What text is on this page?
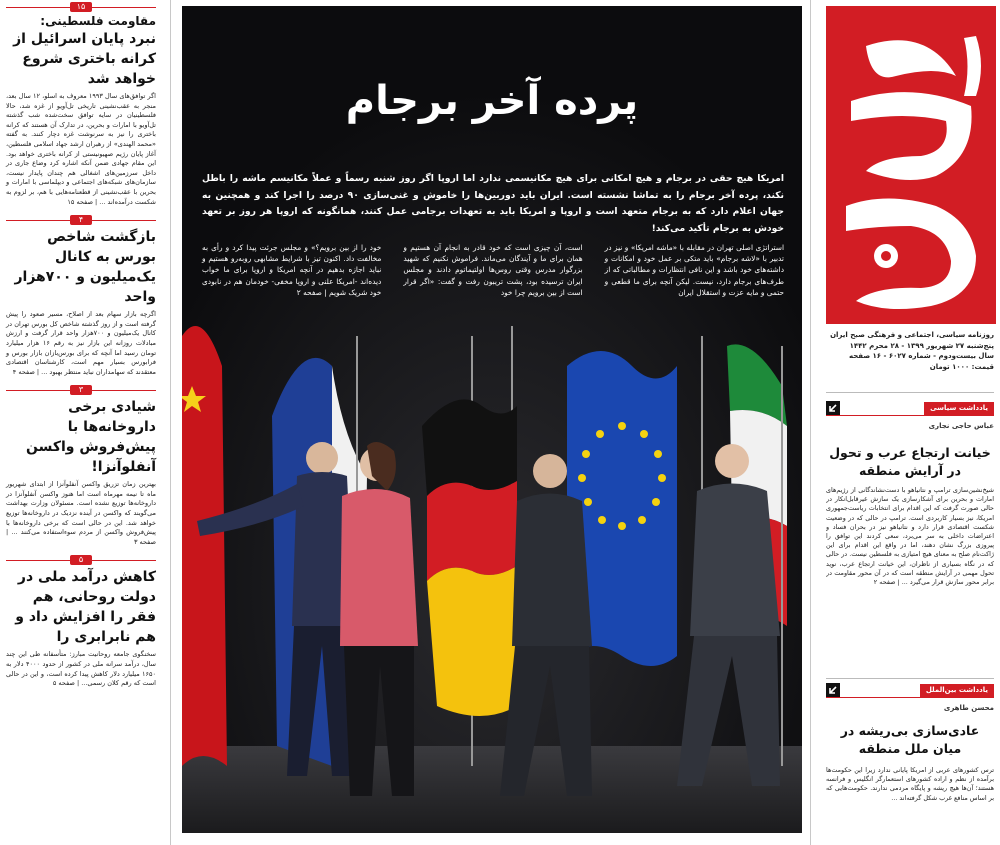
۱۵
مقاومت فلسطینی:
نبرد پایان اسرائیل از کرانه باختری شروع خواهد شد
اگر توافق‌های سال ۱۹۹۳ معروف به اسلو، ۱۲ سال بعد، منجر به عقب‌نشینی تاریخی تل‌آویو از غزه شد، حالا فلسطینیان در سایه توافق سخت‌شده شب گذشته تل‌آویو با امارات و بحرین، در تدارک آن هستند که کرانه باختری را نیز به سرنوشت غزه دچار کنند. به گفته «محمد الهندی» از رهبران ارشد جهاد اسلامی فلسطین، آغاز پایان رژیم صهیونیستی از کرانه باختری خواهد بود. این مقام جهادی ضمن آنکه اشاره کرد وضاع جاری در داخل سرزمین‌های اشغالی هم چندان پایدار نیست، سازمان‌های شبکه‌های اجتماعی و دیپلماسی با امارات و بحرین با عقب‌نشینی از قطعنامه‌هایی با هم، بر لزوم به شکست درآمده‌اند ... | صفحه ۱۵
۴
بازگشت شاخص بورس به کانال یک‌میلیون و ۷۰۰هزار واحد
اگرچه بازار سهام بعد از اصلاح، مسیر صعود را پیش گرفته است و از روز گذشته شاخص کل بورس تهران در کانال یک‌میلیون و ۷۰۰هزار واحد قرار گرفت و ارزش مبادلات روزانه این بازار نیز به رقم ۱۶ هزار میلیارد تومان رسید اما آنچه که برای بورس‌بازان بازار بورس و فرابورس بسیار مهم است، کارشناسان اقتصادی معتقدند که سهامداران نباید منتظر بهبود ... | صفحه ۴
۳
شیادی برخی داروخانه‌ها با پیش‌فروش واکسن آنفلوآنزا!
بهترین زمان تزریق واکسن آنفلوآنزا از ابتدای شهریور ماه تا نیمه مهرماه است اما هنوز واکسن آنفلوآنزا در داروخانه‌ها توزیع نشده است. مسئولان وزارت بهداشت می‌گویند که واکسن در آینده نزدیک در داروخانه‌ها توزیع خواهد شد. این در حالی است که برخی داروخانه‌ها با پیش‌فروش واکسن از مردم سوء‌استفاده می‌کنند ... | صفحه ۳
۵
کاهش درآمد ملی در دولت روحانی، هم فقر را افزایش داد و هم نابرابری را
سخنگوی جامعه روحانیت مبارز: متأسفانه طی این چند سال، درآمد سرانه ملی در کشور از حدود ۴۰۰۰ دلار به ۱۶۵۰ میلیارد دلار کاهش پیدا کرده است، و این در حالی است که رقم کلان رسمی... | صفحه ۵
پرده آخر برجام
امریکا هیچ حقی در برجام و هیچ امکانی برای هیچ مکانیسمی ندارد اما اروپا اگر روز شنبه رسماً و عملاً مکانیسم ماشه را باطل نکند، پرده آخر برجام را به تماشا نشسته است. ایران باید دوربین‌ها را خاموش و غنی‌سازی ۹۰ درصد را اجرا کند و همچنین به جهان اعلام دارد که به برجام متعهد است و اروپا و امریکا باید به تعهدات برجامی عمل کنند، همانگونه که اروپا هر روز بر تعهد خودش به برجام تأکید می‌کند!
استراتژی اصلی تهران در مقابله با «ماشه امریکا» و نیز در تدبیر با «لاشه برجام» باید متکی بر عمل خود و امکانات و داشته‌های خود باشد و این نافی انتظارات و مطالباتی که از طرف‌های برجام دارد، نیست. لیکن آنچه برای ما قطعی و حتمی و مایه عزت و استقلال ایران
است، آن چیزی است که خود قادر به انجام آن هستیم و همان برای ما و آیندگان می‌ماند. فراموش نکنیم که شهید بزرگوار مدرس وقتی روس‌ها اولتیماتوم دادند و مجلس ایران ترسیده بود، پشت تریبون رفت و گفت: «اگر قرار است از بین برویم چرا خود
خود را از بین برویم؟» و مجلس جرئت پیدا کرد و رأی به مخالفت داد. اکنون تیز با شرایط مشابهی روبه‌رو هستیم و نباید اجازه بدهیم در آنچه امریکا و اروپا برای ما خواب دیده‌اند -امریکا علنی و اروپا مخفی- خودمان هم در نابودی خود شریک شویم | صفحه ۲
روزنامه سیاسی، اجتماعی و فرهنگی صبح ایران
پنج‌شنبه ۲۷ شهریور ۱۳۹۹ - ۲۸ محرم ۱۴۴۲
سال بیست‌ودوم - شماره ۶۰۲۷ - ۱۶ صفحه
قیمت: ۱۰۰۰ تومان
یادداشت سیاسی
عباس حاجی نجاری
خیانت ارتجاع عرب و تحول در آرایش منطقه
شیخ‌نشین‌سازی ترامپ و نتانیاهو با دست‌نشاندگانی از رژیم‌های امارات و بحرین برای آشکارسازی یک سازش غیرقابل‌انکار در حالی صورت گرفت که این اقدام برای انتخابات ریاست‌جمهوری امریکا، نیز بسیار کاربردی است. ترامپ در حالی که در وضعیت شکست اقتصادی قرار دارد و نتانیاهو نیز در بحران فساد و اعتراضات داخلی به سر می‌برد، سعی کردند این توافق را پیروزی بزرگ نشان دهند، اما در واقع این اقدام برای این ژاکت‌نام صلح به معنای هیچ امتیازی به فلسطین نیست. در حالی که در نگاه بسیاری از ناظران، این خیانت ارتجاع عرب، نوید تحول مهمی در آرایش منطقه است که در آن محور مقاومت در برابر محور سازش قرار می‌گیرد ... | صفحه ۲
یادداشت بین‌الملل
محسن طاهری
عادی‌سازی بی‌ریشه در میان ملل منطقه
ترس کشورهای عربی از امریکا پایانی ندارد زیرا این حکومت‌ها برآمده از نظم و اراده کشورهای استعمارگر انگلیس و فرانسه هستند؛ آن‌ها هیچ ریشه و پایگاه مردمی ندارند. حکومت‌هایی که بر اساس منافع غرب شکل گرفته‌اند ...
